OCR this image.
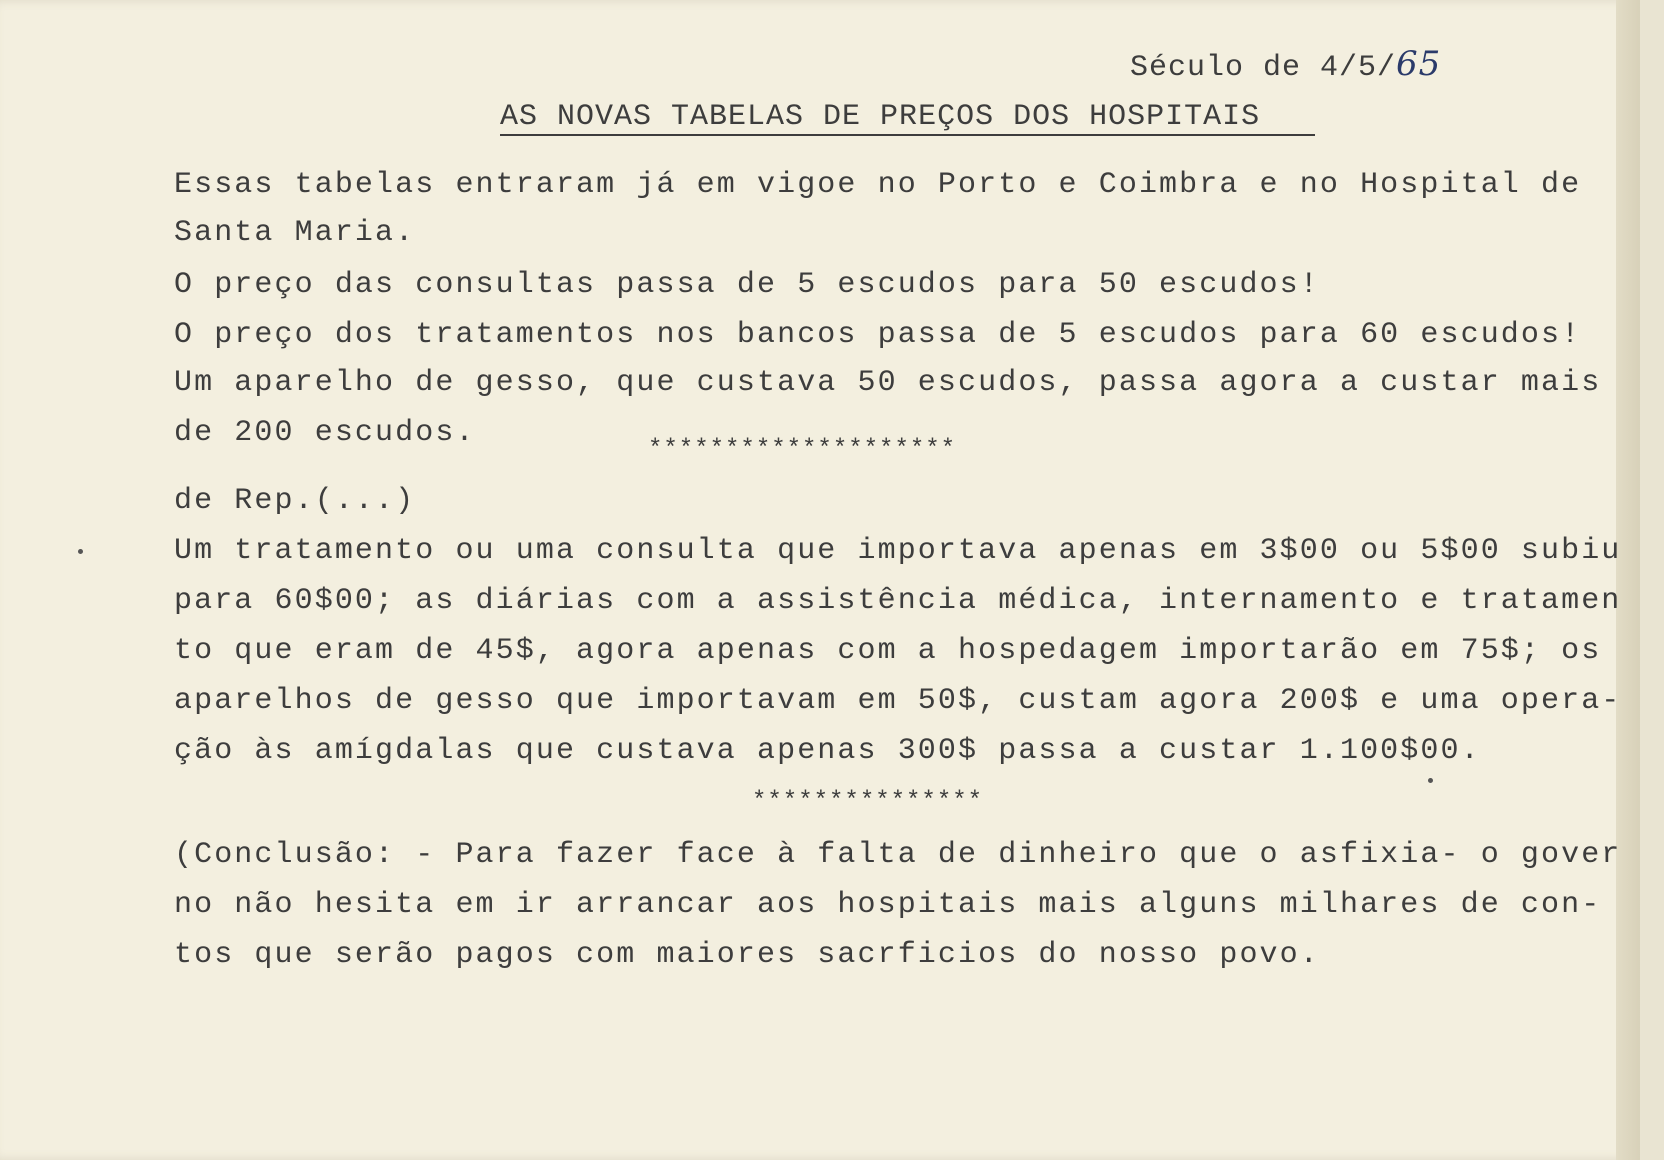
Século de 4/5/65
AS NOVAS TABELAS DE PREÇOS DOS HOSPITAIS
Essas tabelas entraram já em vigoe no Porto e Coimbra e no Hospital de
Santa Maria.
O preço das consultas passa de 5 escudos para 50 escudos!
O preço dos tratamentos nos bancos passa de 5 escudos para 60 escudos!
Um aparelho de gesso, que custava 50 escudos, passa agora a custar mais
de 200 escudos.	********************
de Rep.(...)
Um tratamento ou uma consulta que importava apenas em 3$00 ou 5$00 subiu
para 60$00; as diárias com a assistência médica, internamento e tratamen
to que eram de 45$, agora apenas com a hospedagem importarão em 75$; os
aparelhos de gesso que importavam em 50$, custam agora 200$ e uma opera-
ção às amígdalas que custava apenas 300$ passa a custar 1.100$00.
***************
(Conclusão: - Para fazer face à falta de dinheiro que o asfixia- o gover
no não hesita em ir arrancar aos hospitais mais alguns milhares de con-
tos que serão pagos com maiores sacrficios do nosso povo.
